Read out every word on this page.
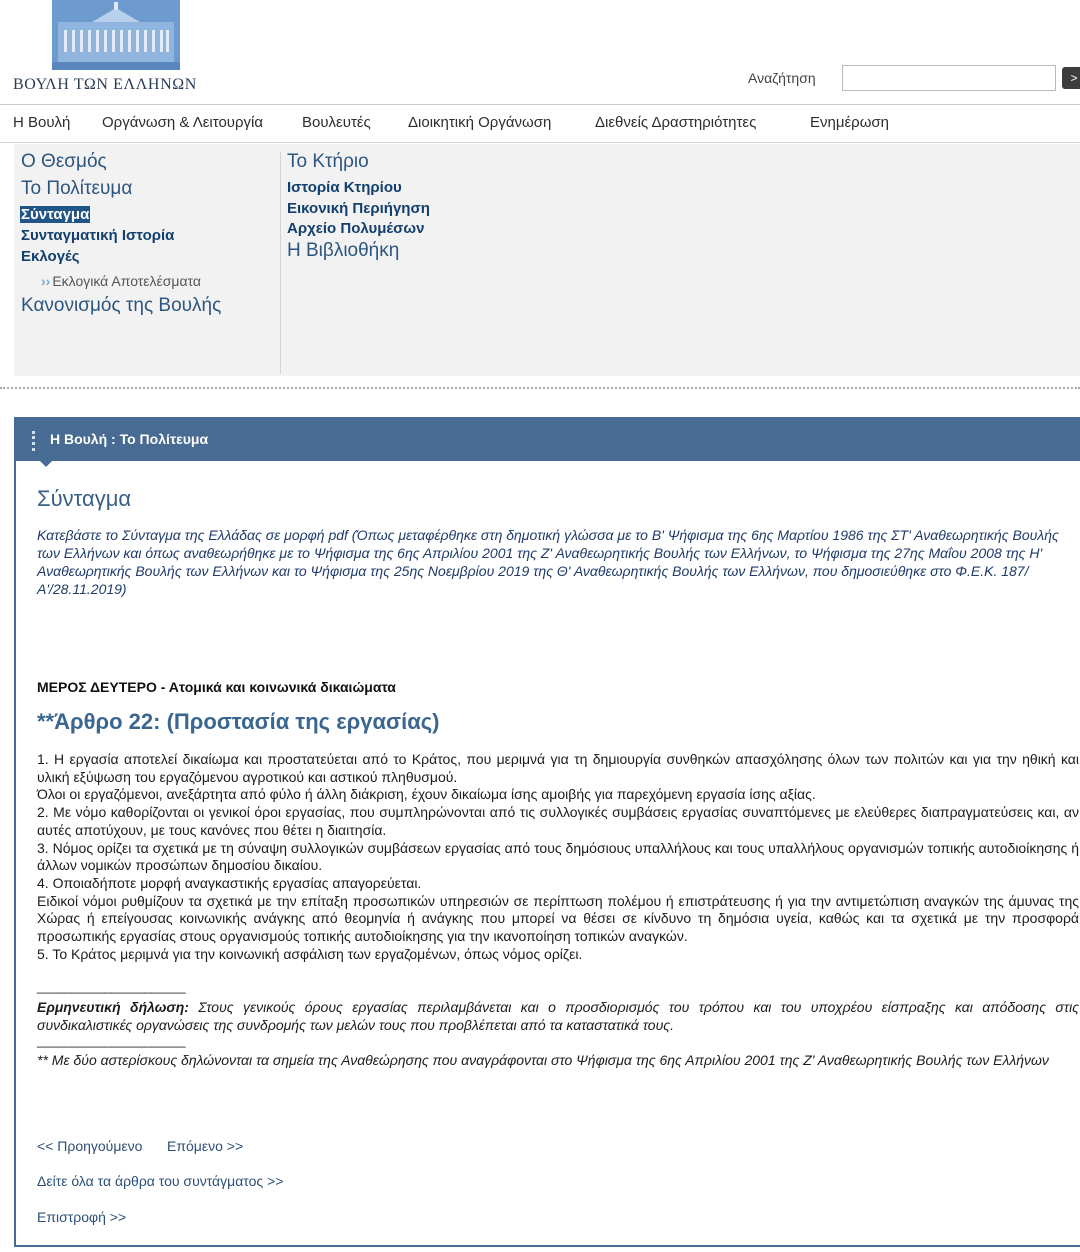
ΒΟΥΛΗ ΤΩΝ ΕΛΛΗΝΩΝ	Αναζήτηση	>
Η Βουλή Οργάνωση & Λειτουργία	Βουλευτές Διοικητική Οργάνωση	Διεθνείς Δραστηριότητες	Ενημέρωση
Ο Θεσμός
Το Πολίτευμα
Σύνταγμα
Συνταγματική Ιστορία
Εκλογές
›› Εκλογικά Αποτελέσματα
Κανονισμός της Βουλής
Το Κτήριο
Ιστορία Κτηρίου
Εικονική Περιήγηση
Αρχείο Πολυμέσων
Η Βιβλιοθήκη
Η Βουλή : Το Πολίτευμα
Σύνταγμα
Κατεβάστε το Σύνταγμα της Ελλάδας σε μορφή pdf (Όπως μεταφέρθηκε στη δημοτική γλώσσα με το Β' Ψήφισμα της 6ης Μαρτίου 1986 της ΣΤ' Αναθεωρητικής Βουλής των Ελλήνων και όπως αναθεωρήθηκε με το Ψήφισμα της 6ης Απριλίου 2001 της Ζ' Αναθεωρητικής Βουλής των Ελλήνων, το Ψήφισμα της 27ης Μαΐου 2008 της Η' Αναθεωρητικής Βουλής των Ελλήνων και το Ψήφισμα της 25ης Νοεμβρίου 2019 της Θ' Αναθεωρητικής Βουλής των Ελλήνων, που δημοσιεύθηκε στο Φ.Ε.Κ. 187/Α'/28.11.2019)
ΜΕΡΟΣ ΔΕΥΤΕΡΟ - Ατομικά και κοινωνικά δικαιώματα
**Άρθρο 22: (Προστασία της εργασίας)

1. Η εργασία αποτελεί δικαίωμα και προστατεύεται από το Κράτος, που μεριμνά για τη δημιουργία συνθηκών απασχόλησης όλων των πολιτών και για την ηθική και υλική εξύψωση του εργαζόμενου αγροτικού και αστικού πληθυσμού.

Όλοι οι εργαζόμενοι, ανεξάρτητα από φύλο ή άλλη διάκριση, έχουν δικαίωμα ίσης αμοιβής για παρεχόμενη εργασία ίσης αξίας.

2. Με νόμο καθορίζονται οι γενικοί όροι εργασίας, που συμπληρώνονται από τις συλλογικές συμβάσεις εργασίας συναπτόμενες με ελεύθερες διαπραγματεύσεις και, αν αυτές αποτύχουν, με τους κανόνες που θέτει η διαιτησία.

3. Νόμος ορίζει τα σχετικά με τη σύναψη συλλογικών συμβάσεων εργασίας από τους δημόσιους υπαλλήλους και τους υπαλλήλους οργανισμών τοπικής αυτοδιοίκησης ή άλλων νομικών προσώπων δημοσίου δικαίου.

4. Οποιαδήποτε μορφή αναγκαστικής εργασίας απαγορεύεται.

Ειδικοί νόμοι ρυθμίζουν τα σχετικά με την επίταξη προσωπικών υπηρεσιών σε περίπτωση πολέμου ή επιστράτευσης ή για την αντιμετώπιση αναγκών της άμυνας της Χώρας ή επείγουσας κοινωνικής ανάγκης από θεομηνία ή ανάγκης που μπορεί να θέσει σε κίνδυνο τη δημόσια υγεία, καθώς και τα σχετικά με την προσφορά προσωπικής εργασίας στους οργανισμούς τοπικής αυτοδιοίκησης για την ικανοποίηση τοπικών αναγκών.

5. Το Κράτος μεριμνά για την κοινωνική ασφάλιση των εργαζομένων, όπως νόμος ορίζει.

______________________
Ερμηνευτική δήλωση: Στους γενικούς όρους εργασίας περιλαμβάνεται και ο προσδιορισμός του τρόπου και του υποχρέου είσπραξης και απόδοσης στις συνδικαλιστικές οργανώσεις της συνδρομής των μελών τους που προβλέπεται από τα καταστατικά τους.
______________________
** Με δύο αστερίσκους δηλώνονται τα σημεία της Αναθεώρησης που αναγράφονται στο Ψήφισμα της 6ης Απριλίου 2001 της Ζ' Αναθεωρητικής Βουλής των Ελλήνων
<< Προηγούμενο Επόμενο >>
Δείτε όλα τα άρθρα του συντάγματος >>
Επιστροφή >>
